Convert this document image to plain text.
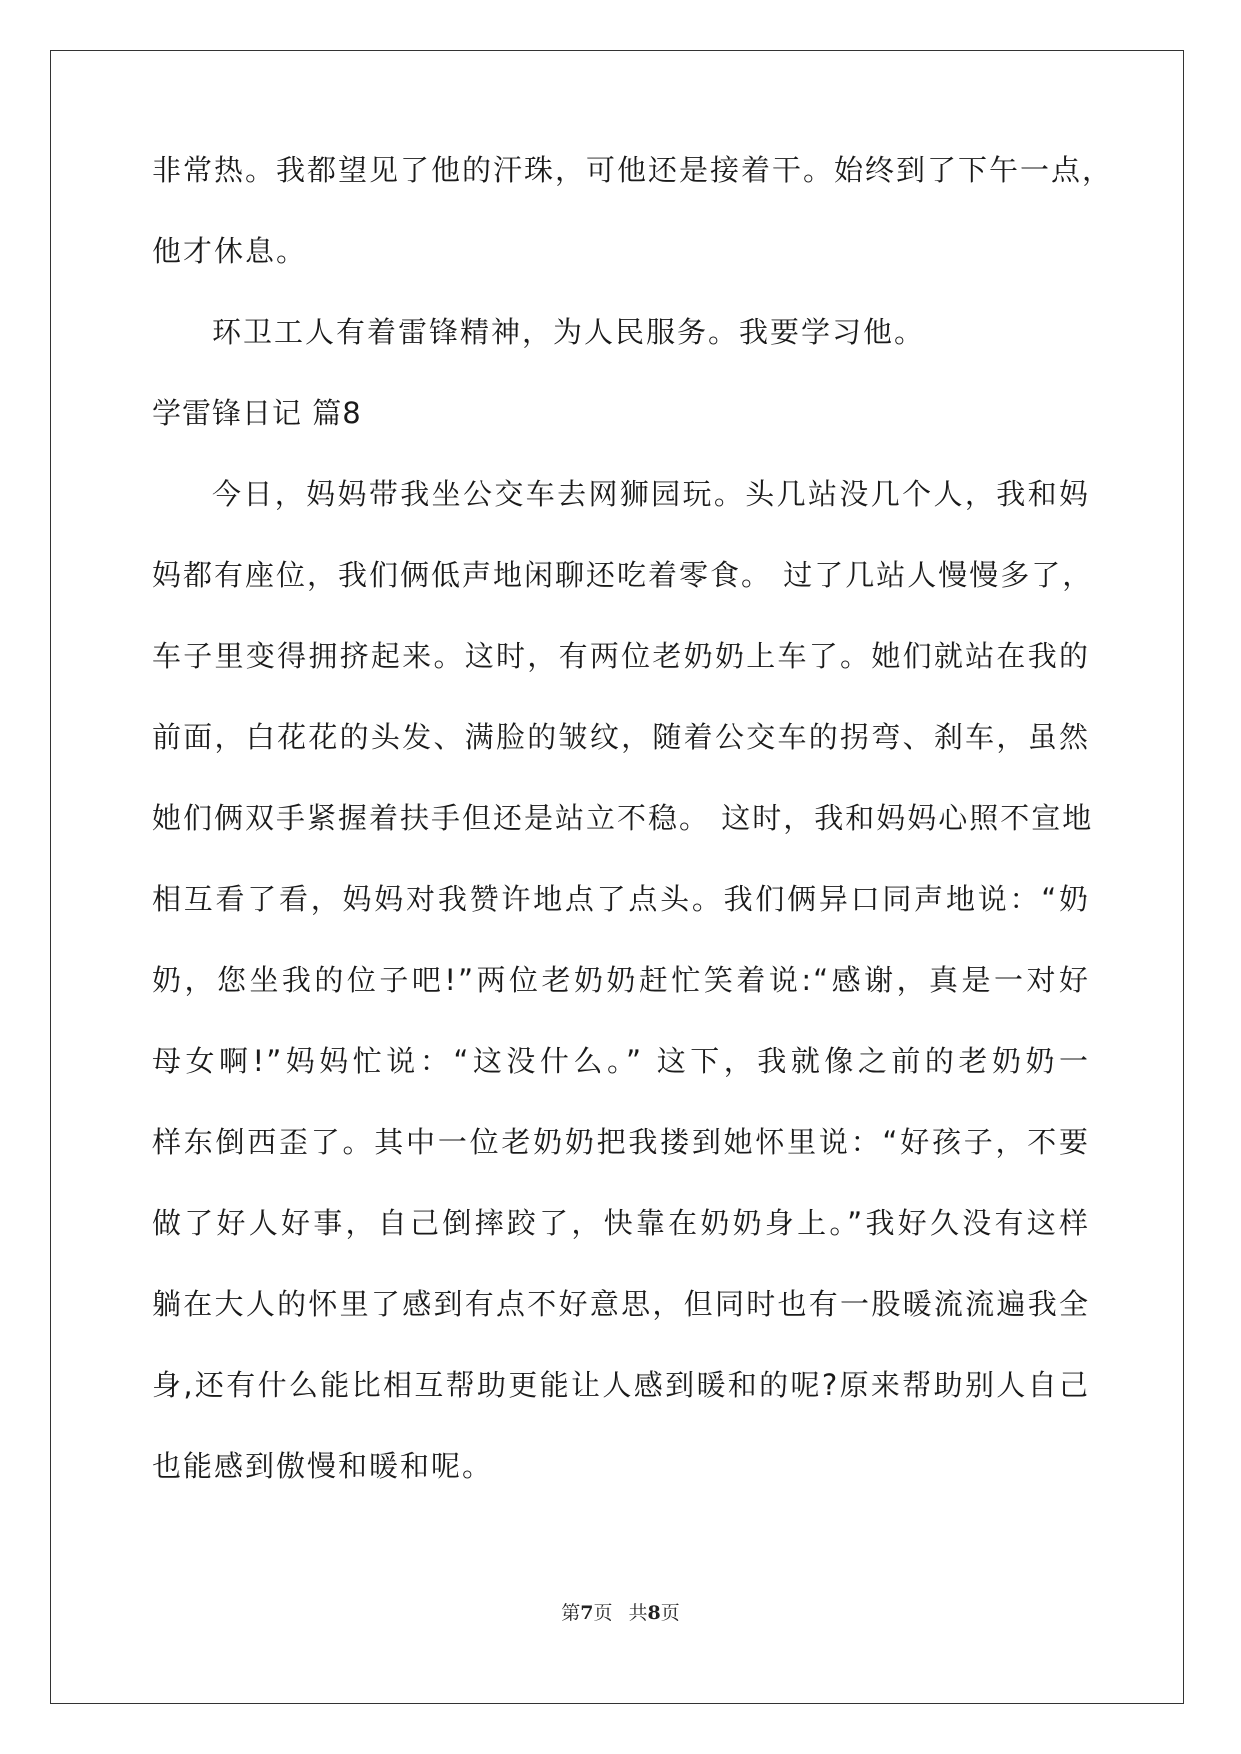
非常热。我都望见了他的汗珠，可他还是接着干。始终到了下午一点，
他才休息。
环卫工人有着雷锋精神，为人民服务。我要学习他。
学雷锋日记 篇8
今日，妈妈带我坐公交车去网狮园玩。头几站没几个人，我和妈
妈都有座位，我们俩低声地闲聊还吃着零食。 过了几站人慢慢多了，
车子里变得拥挤起来。这时，有两位老奶奶上车了。她们就站在我的
前面，白花花的头发、满脸的皱纹，随着公交车的拐弯、刹车，虽然
她们俩双手紧握着扶手但还是站立不稳。 这时，我和妈妈心照不宣地
相互看了看，妈妈对我赞许地点了点头。我们俩异口同声地说：“奶
奶，您坐我的位子吧!”两位老奶奶赶忙笑着说:“感谢，真是一对好
母女啊!”妈妈忙说：“这没什么。” 这下，我就像之前的老奶奶一
样东倒西歪了。其中一位老奶奶把我搂到她怀里说：“好孩子，不要
做了好人好事，自己倒摔跤了，快靠在奶奶身上。”我好久没有这样
躺在大人的怀里了感到有点不好意思，但同时也有一股暖流流遍我全
身,还有什么能比相互帮助更能让人感到暖和的呢?原来帮助别人自己
也能感到傲慢和暖和呢。
第7页 共8页
